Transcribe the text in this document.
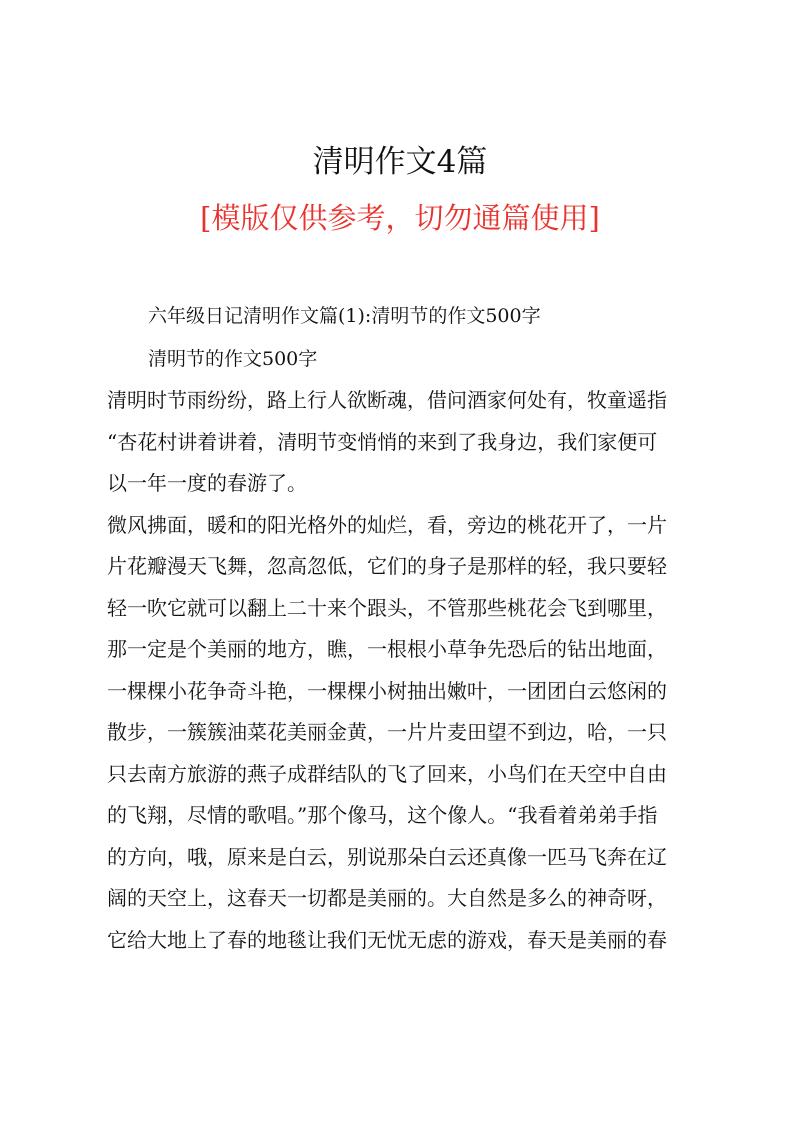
清明作文4篇
[模版仅供参考，切勿通篇使用]
六年级日记清明作文篇(1):清明节的作文500字
清明节的作文500字
清明时节雨纷纷，路上行人欲断魂，借问酒家何处有，牧童遥指
“杏花村讲着讲着，清明节变悄悄的来到了我身边，我们家便可
以一年一度的春游了。
微风拂面，暖和的阳光格外的灿烂，看，旁边的桃花开了，一片
片花瓣漫天飞舞，忽高忽低，它们的身子是那样的轻，我只要轻
轻一吹它就可以翻上二十来个跟头，不管那些桃花会飞到哪里，
那一定是个美丽的地方，瞧，一根根小草争先恐后的钻出地面，
一棵棵小花争奇斗艳，一棵棵小树抽出嫩叶，一团团白云悠闲的
散步，一簇簇油菜花美丽金黄，一片片麦田望不到边，哈，一只
只去南方旅游的燕子成群结队的飞了回来，小鸟们在天空中自由
的飞翔，尽情的歌唱。”那个像马，这个像人。“我看着弟弟手指
的方向，哦，原来是白云，别说那朵白云还真像一匹马飞奔在辽
阔的天空上，这春天一切都是美丽的。大自然是多么的神奇呀，
它给大地上了春的地毯让我们无忧无虑的游戏，春天是美丽的春
